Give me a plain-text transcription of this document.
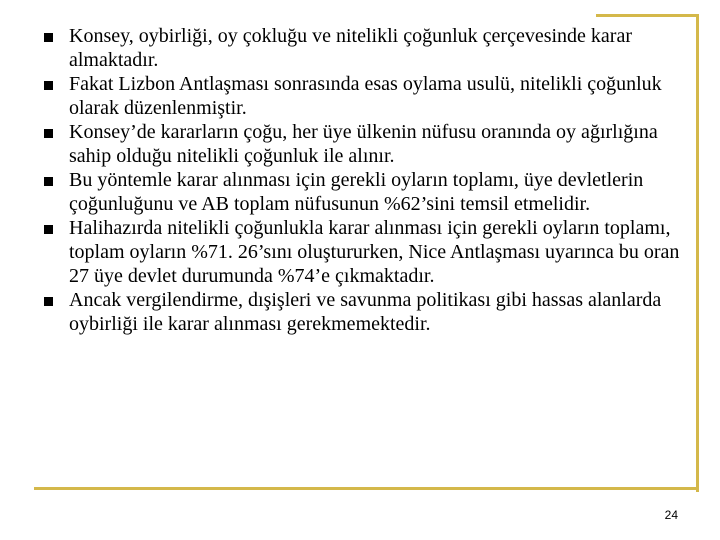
Konsey, oybirliği, oy çokluğu ve nitelikli çoğunluk çerçevesinde karar almaktadır.
Fakat Lizbon Antlaşması sonrasında esas oylama usulü, nitelikli çoğunluk olarak düzenlenmiştir.
Konsey’de kararların çoğu, her üye ülkenin nüfusu oranında oy ağırlığına sahip olduğu nitelikli çoğunluk ile alınır.
Bu yöntemle karar alınması için gerekli oyların toplamı, üye devletlerin çoğunluğunu ve AB toplam nüfusunun %62’sini temsil etmelidir.
Halihazırda nitelikli çoğunlukla karar alınması için gerekli oyların toplamı, toplam oyların %71. 26’sını oluştururken, Nice Antlaşması uyarınca bu oran 27 üye devlet durumunda %74’e çıkmaktadır.
Ancak vergilendirme, dışişleri ve savunma politikası gibi hassas alanlarda oybirliği ile karar alınması gerekmemektedir.
24
